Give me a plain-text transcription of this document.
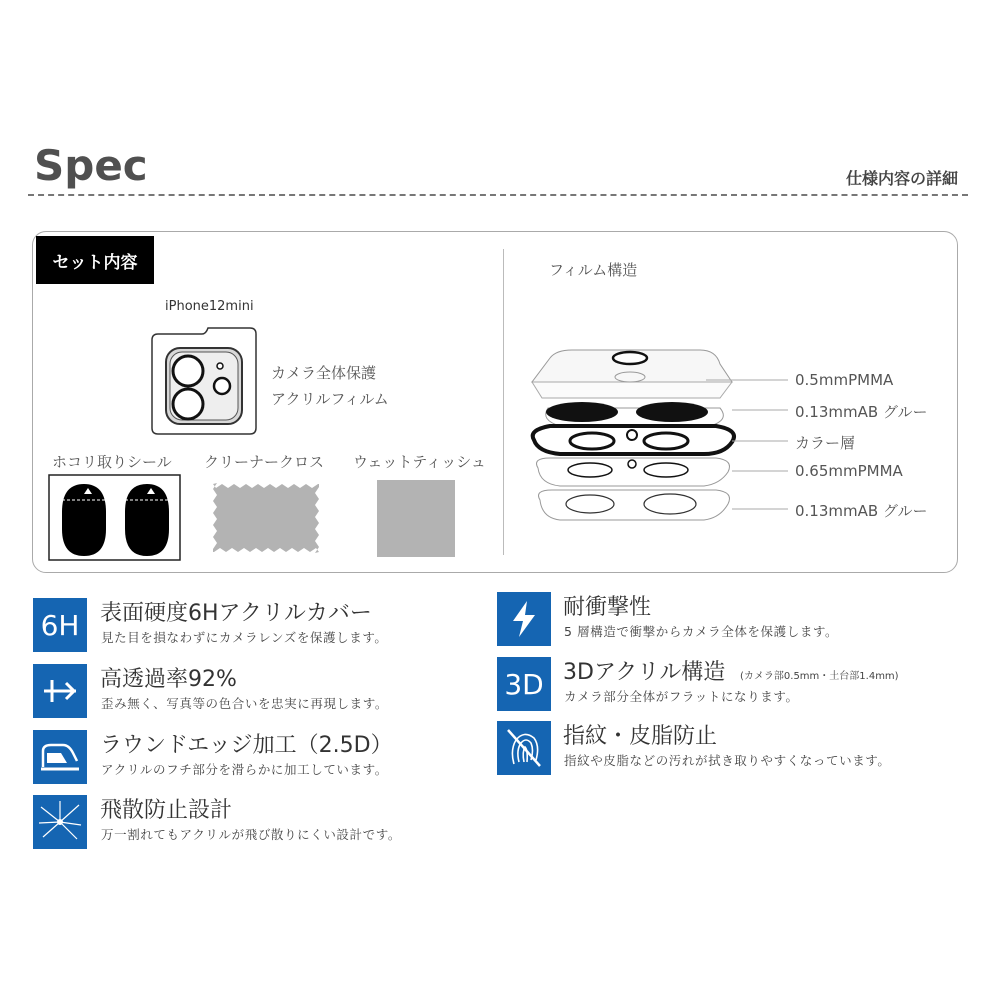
Spec	仕様内容の詳細
セット内容
iPhone12mini
カメラ全体保護
アクリルフィルム
ホコリ取りシール クリーナークロス ウェットティッシュ
フィルム構造
0.5mmPMMA
0.13mmAB グルー
カラー層
0.65mmPMMA
0.13mmAB グルー
6H 表面硬度6Hアクリルカバー
見た目を損なわずにカメラレンズを保護します。
高透過率92%
歪み無く、写真等の色合いを忠実に再現します。
ラウンドエッジ加工（2.5D）
アクリルのフチ部分を滑らかに加工しています。
飛散防止設計
万一割れてもアクリルが飛び散りにくい設計です。
耐衝撃性
5 層構造で衝撃からカメラ全体を保護します。
3D 3Dアクリル構造 (カメラ部0.5mm・土台部1.4mm)
カメラ部分全体がフラットになります。
指紋・皮脂防止
指紋や皮脂などの汚れが拭き取りやすくなっています。
